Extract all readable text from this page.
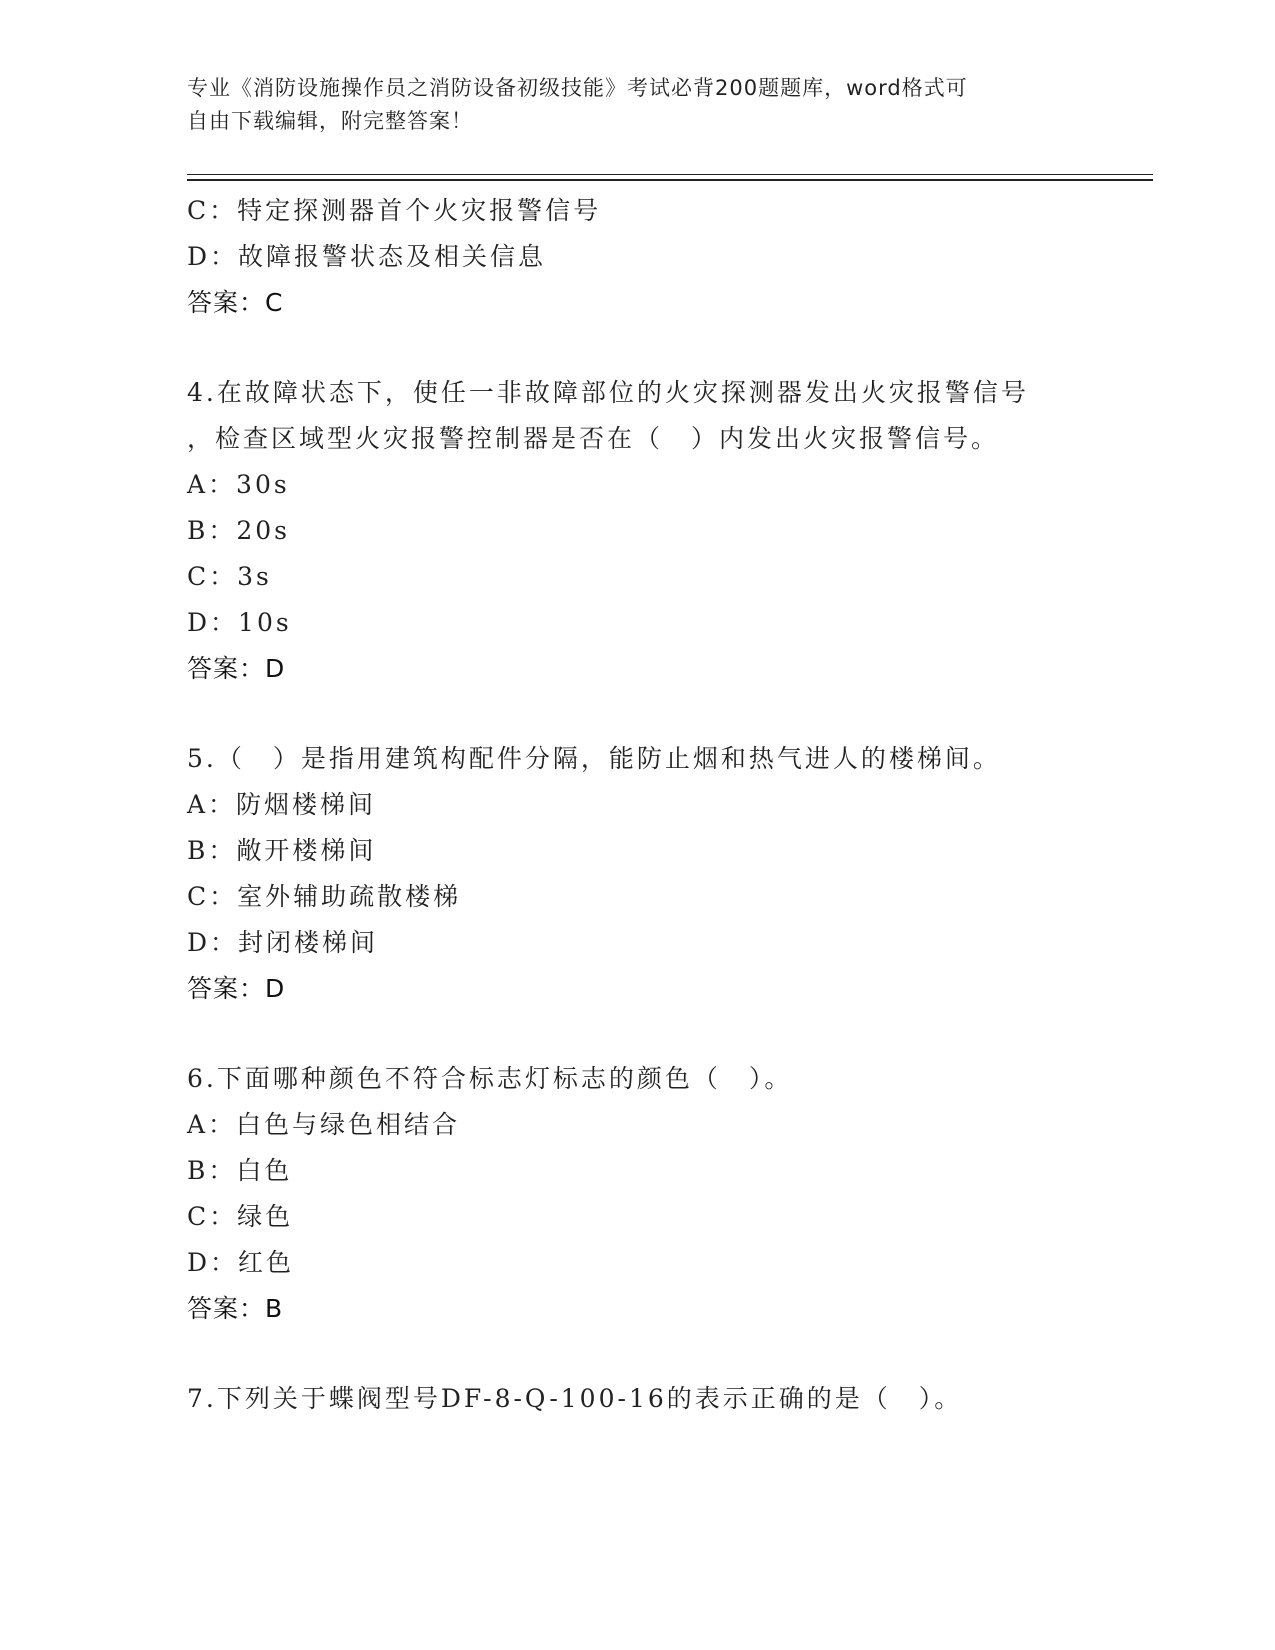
专业《消防设施操作员之消防设备初级技能》考试必背200题题库，word格式可
自由下载编辑，附完整答案！
C：特定探测器首个火灾报警信号
D：故障报警状态及相关信息
答案：C
4.在故障状态下，使任一非故障部位的火灾探测器发出火灾报警信号
，检查区域型火灾报警控制器是否在（　）内发出火灾报警信号。
A：30s
B：20s
C：3s
D：10s
答案：D
5.（　）是指用建筑构配件分隔，能防止烟和热气进人的楼梯间。
A：防烟楼梯间
B：敞开楼梯间
C：室外辅助疏散楼梯
D：封闭楼梯间
答案：D
6.下面哪种颜色不符合标志灯标志的颜色（　）。
A：白色与绿色相结合
B：白色
C：绿色
D：红色
答案：B
7.下列关于蝶阀型号DF-8-Q-100-16的表示正确的是（　）。
